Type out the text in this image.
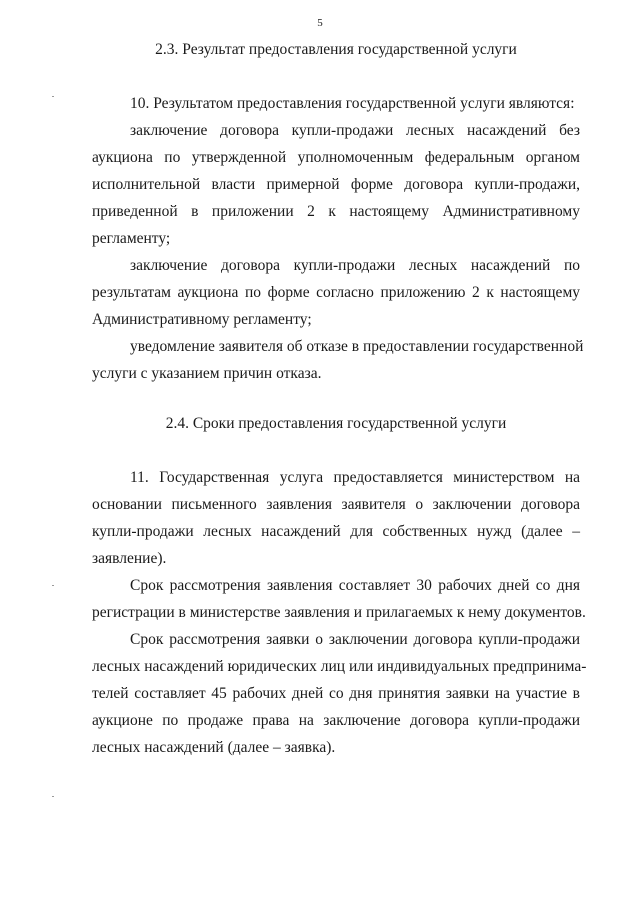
5
2.3. Результат предоставления государственной услуги
10. Результатом предоставления государственной услуги являются:
заключение договора купли-продажи лесных насаждений без
аукциона по утвержденной уполномоченным федеральным органом
исполнительной власти примерной форме договора купли-продажи,
приведенной в приложении 2 к настоящему Административному
регламенту;
заключение договора купли-продажи лесных насаждений по
результатам аукциона по форме согласно приложению 2 к настоящему
Административному регламенту;
уведомление заявителя об отказе в предоставлении государственной
услуги с указанием причин отказа.
2.4. Сроки предоставления государственной услуги
11. Государственная услуга предоставляется министерством на
основании письменного заявления заявителя о заключении договора
купли-продажи лесных насаждений для собственных нужд (далее –
заявление).
Срок рассмотрения заявления составляет 30 рабочих дней со дня
регистрации в министерстве заявления и прилагаемых к нему документов.
Срок рассмотрения заявки о заключении договора купли-продажи
лесных насаждений юридических лиц или индивидуальных предпринима-
телей составляет 45 рабочих дней со дня принятия заявки на участие в
аукционе по продаже права на заключение договора купли-продажи
лесных насаждений (далее – заявка).
